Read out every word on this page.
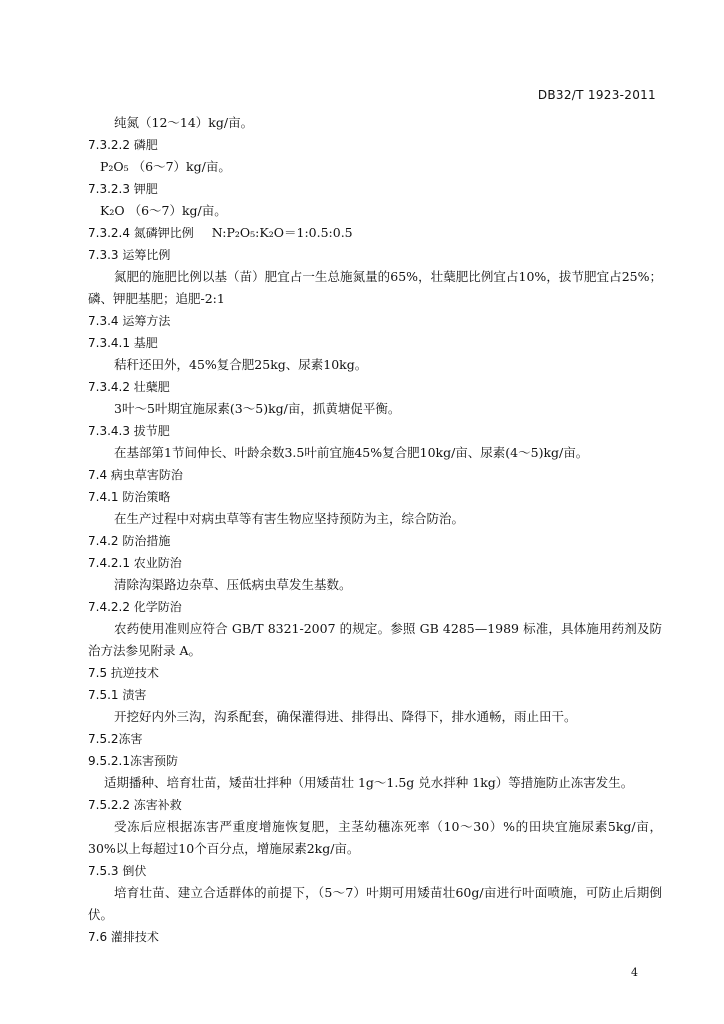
DB32/T 1923-2011
纯氮（12～14）kg/亩。
7.3.2.2 磷肥
P₂O₅ （6～7）kg/亩。
7.3.2.3 钾肥
K₂O （6～7）kg/亩。
7.3.2.4 氮磷钾比例 N:P₂O₅:K₂O＝1:0.5:0.5
7.3.3 运筹比例
氮肥的施肥比例以基（苗）肥宜占一生总施氮量的65%，壮蘖肥比例宜占10%，拔节肥宜占25%；磷、钾肥基肥；追肥-2:1
7.3.4 运筹方法
7.3.4.1 基肥
秸秆还田外，45%复合肥25kg、尿素10kg。
7.3.4.2 壮蘖肥
3叶～5叶期宜施尿素(3～5)kg/亩，抓黄塘促平衡。
7.3.4.3 拔节肥
在基部第1节间伸长、叶龄余数3.5叶前宜施45%复合肥10kg/亩、尿素(4～5)kg/亩。
7.4 病虫草害防治
7.4.1 防治策略
在生产过程中对病虫草等有害生物应坚持预防为主，综合防治。
7.4.2 防治措施
7.4.2.1 农业防治
清除沟渠路边杂草、压低病虫草发生基数。
7.4.2.2 化学防治
农药使用准则应符合 GB/T 8321-2007 的规定。参照 GB 4285—1989 标准，具体施用药剂及防治方法参见附录 A。
7.5 抗逆技术
7.5.1 渍害
开挖好内外三沟，沟系配套，确保灌得进、排得出、降得下，排水通畅，雨止田干。
7.5.2冻害
9.5.2.1冻害预防
适期播种、培育壮苗，矮苗壮拌种（用矮苗壮 1g～1.5g 兑水拌种 1kg）等措施防止冻害发生。
7.5.2.2 冻害补救
受冻后应根据冻害严重度增施恢复肥，主茎幼穗冻死率（10～30）%的田块宜施尿素5kg/亩，30%以上每超过10个百分点，增施尿素2kg/亩。
7.5.3 倒伏
培育壮苗、建立合适群体的前提下，（5～7）叶期可用矮苗壮60g/亩进行叶面喷施，可防止后期倒伏。
7.6 灌排技术
4
